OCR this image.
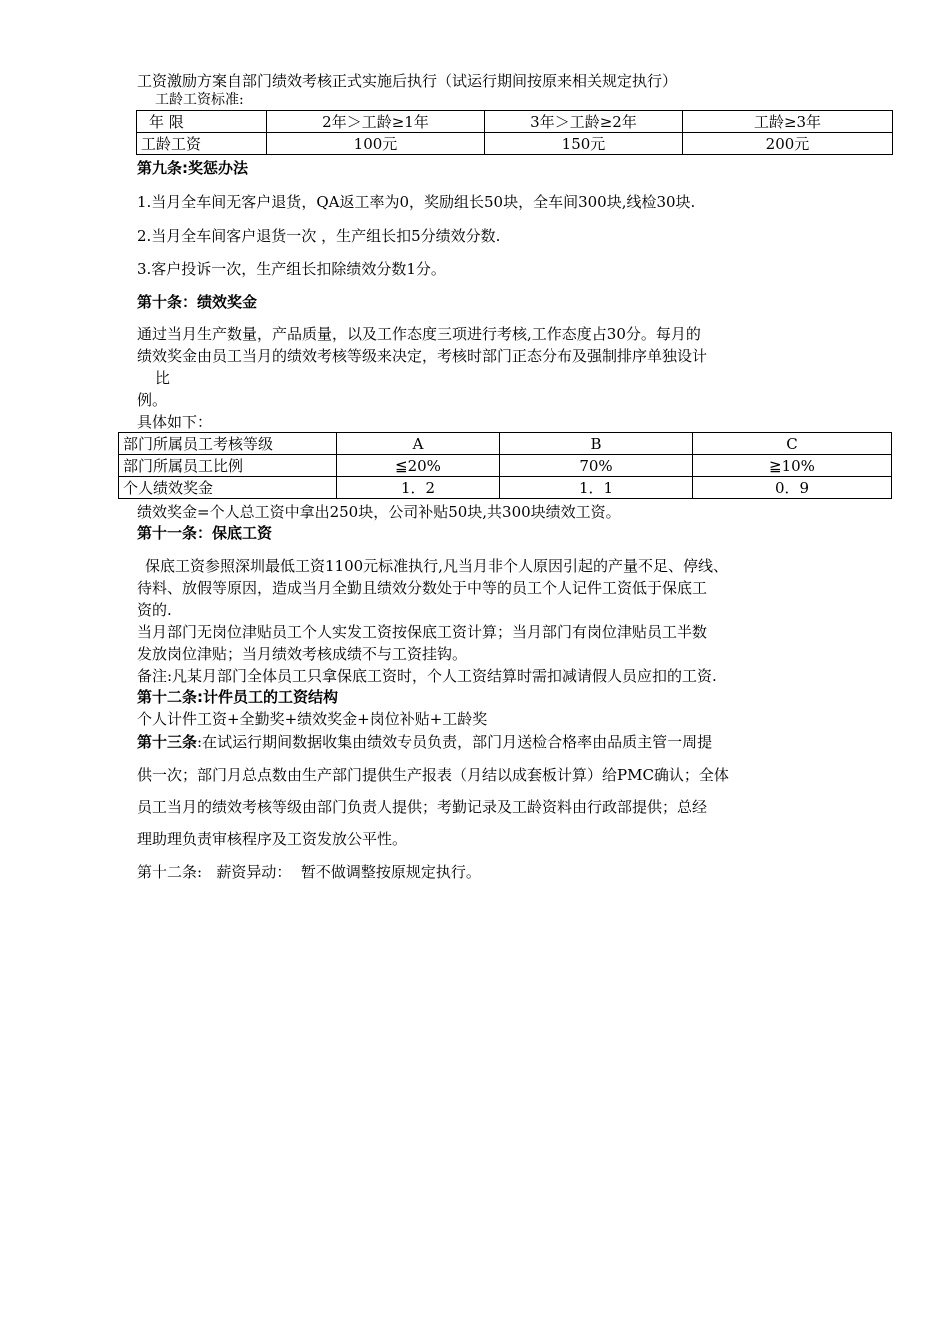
工资激励方案自部门绩效考核正式实施后执行（试运行期间按原来相关规定执行）
工龄工资标准:
年 限	2年＞工龄≥1年	3年＞工龄≥2年	工龄≥3年
工龄工资	100元	150元	200元
第九条:奖惩办法
1.当月全车间无客户退货，QA返工率为0，奖励组长50块，全车间300块,线检30块.
2.当月全车间客户退货一次 ，生产组长扣5分绩效分数.
3.客户投诉一次，生产组长扣除绩效分数1分。
第十条：绩效奖金
通过当月生产数量，产品质量，以及工作态度三项进行考核,工作态度占30分。每月的
绩效奖金由员工当月的绩效考核等级来决定，考核时部门正态分布及强制排序单独设计
比
例。
具体如下：
部门所属员工考核等级	A	B	C
部门所属员工比例	≦20%	70%	≧10%
个人绩效奖金	1．2	1．1	0．9
绩效奖金=个人总工资中拿出250块，公司补贴50块,共300块绩效工资。
第十一条：保底工资
保底工资参照深圳最低工资1100元标准执行,凡当月非个人原因引起的产量不足、停线、
待料、放假等原因，造成当月全勤且绩效分数处于中等的员工个人记件工资低于保底工
资的.
当月部门无岗位津贴员工个人实发工资按保底工资计算；当月部门有岗位津贴员工半数
发放岗位津贴；当月绩效考核成绩不与工资挂钩。
备注:凡某月部门全体员工只拿保底工资时，个人工资结算时需扣减请假人员应扣的工资.
第十二条:计件员工的工资结构
个人计件工资+全勤奖+绩效奖金+岗位补贴+工龄奖
第十三条:在试运行期间数据收集由绩效专员负责，部门月送检合格率由品质主管一周提
供一次；部门月总点数由生产部门提供生产报表（月结以成套板计算）给PMC确认；全体
员工当月的绩效考核等级由部门负责人提供；考勤记录及工龄资料由行政部提供；总经
理助理负责审核程序及工资发放公平性。
第十二条:   薪资异动：  暂不做调整按原规定执行。
